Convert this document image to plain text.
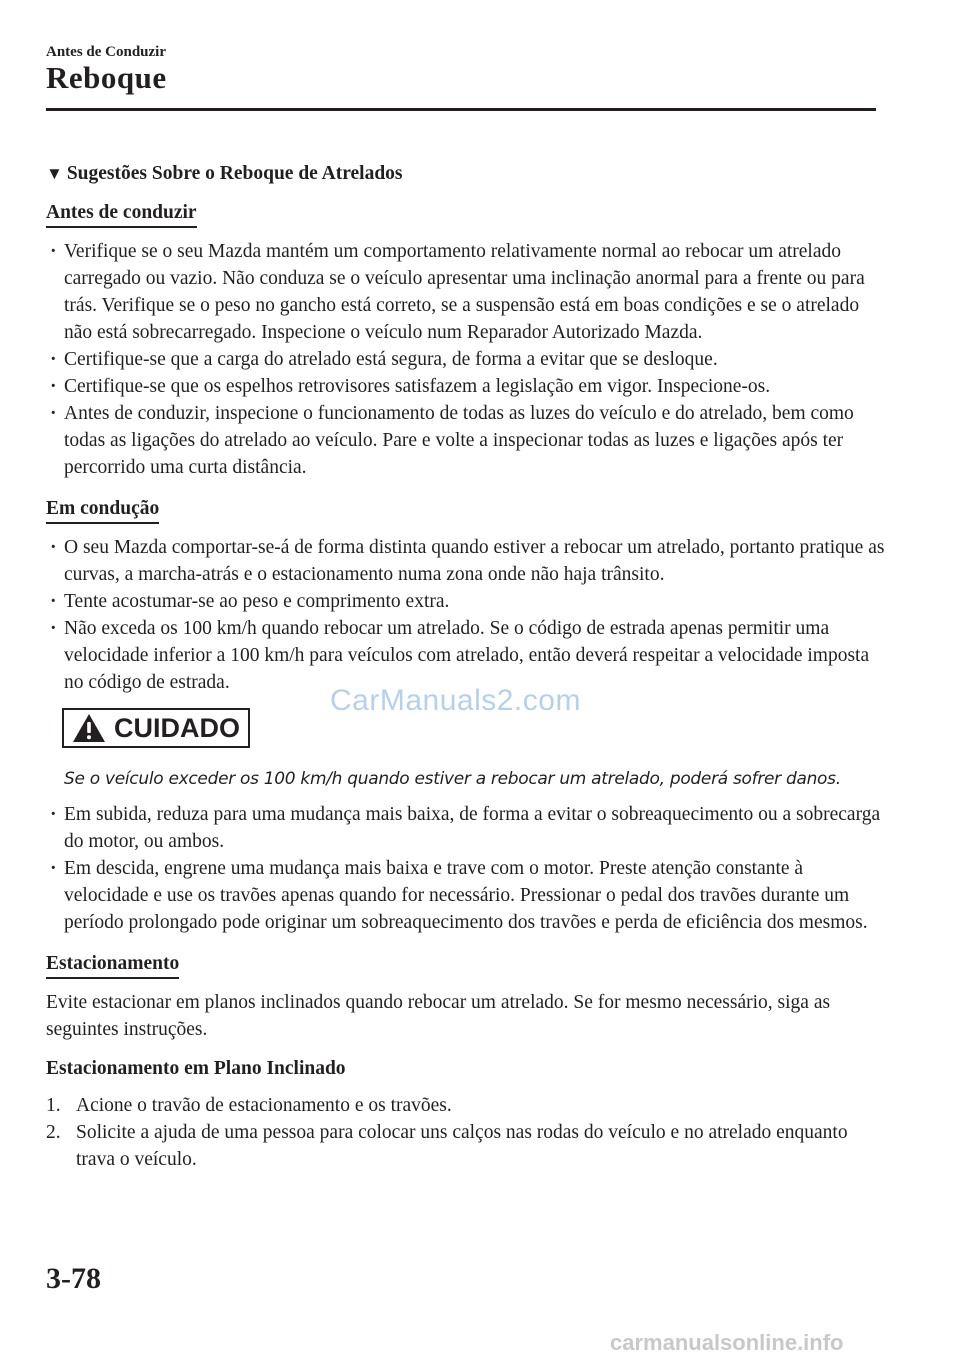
Antes de Conduzir
Reboque
▼ Sugestões Sobre o Reboque de Atrelados
Antes de conduzir
· Verifique se o seu Mazda mantém um comportamento relativamente normal ao rebocar um atrelado carregado ou vazio. Não conduza se o veículo apresentar uma inclinação anormal para a frente ou para trás. Verifique se o peso no gancho está correto, se a suspensão está em boas condições e se o atrelado não está sobrecarregado. Inspecione o veículo num Reparador Autorizado Mazda.
· Certifique-se que a carga do atrelado está segura, de forma a evitar que se desloque.
· Certifique-se que os espelhos retrovisores satisfazem a legislação em vigor. Inspecione-os.
· Antes de conduzir, inspecione o funcionamento de todas as luzes do veículo e do atrelado, bem como todas as ligações do atrelado ao veículo. Pare e volte a inspecionar todas as luzes e ligações após ter percorrido uma curta distância.
Em condução
· O seu Mazda comportar-se-á de forma distinta quando estiver a rebocar um atrelado, portanto pratique as curvas, a marcha-atrás e o estacionamento numa zona onde não haja trânsito.
· Tente acostumar-se ao peso e comprimento extra.
· Não exceda os 100 km/h quando rebocar um atrelado. Se o código de estrada apenas permitir uma velocidade inferior a 100 km/h para veículos com atrelado, então deverá respeitar a velocidade imposta no código de estrada.
CUIDADO
Se o veículo exceder os 100 km/h quando estiver a rebocar um atrelado, poderá sofrer danos.
· Em subida, reduza para uma mudança mais baixa, de forma a evitar o sobreaquecimento ou a sobrecarga do motor, ou ambos.
· Em descida, engrene uma mudança mais baixa e trave com o motor. Preste atenção constante à velocidade e use os travões apenas quando for necessário. Pressionar o pedal dos travões durante um período prolongado pode originar um sobreaquecimento dos travões e perda de eficiência dos mesmos.
Estacionamento

Evite estacionar em planos inclinados quando rebocar um atrelado. Se for mesmo necessário, siga as seguintes instruções.

Estacionamento em Plano Inclinado
1. Acione o travão de estacionamento e os travões.
2. Solicite a ajuda de uma pessoa para colocar uns calços nas rodas do veículo e no atrelado enquanto trava o veículo.
CarManuals2.com
3-78
carmanualsonline.info
